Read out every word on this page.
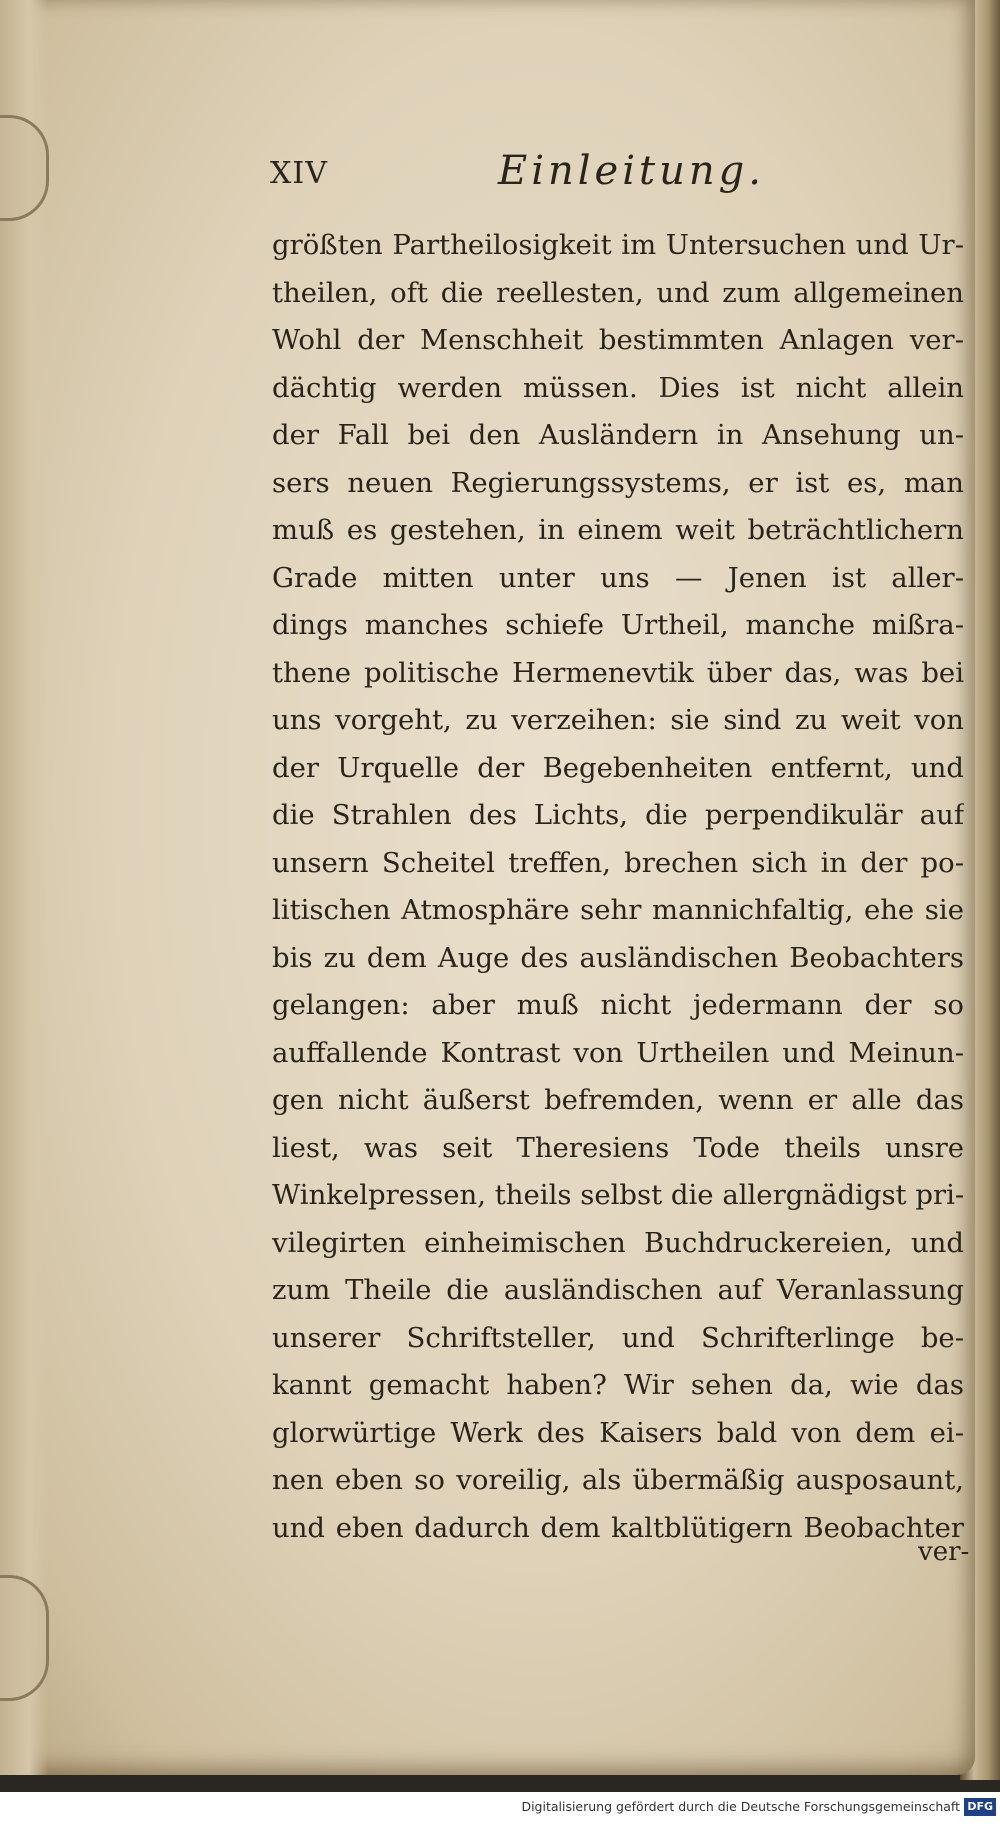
XIV	Einleitung.
größten Partheilosigkeit im Untersuchen und Ur-
theilen, oft die reellesten, und zum allgemeinen
Wohl der Menschheit bestimmten Anlagen ver-
dächtig werden müssen. Dies ist nicht allein
der Fall bei den Ausländern in Ansehung un-
sers neuen Regierungssystems, er ist es, man
muß es gestehen, in einem weit beträchtlichern
Grade mitten unter uns — Jenen ist aller-
dings manches schiefe Urtheil, manche mißra-
thene politische Hermenevtik über das, was bei
uns vorgeht, zu verzeihen: sie sind zu weit von
der Urquelle der Begebenheiten entfernt, und
die Strahlen des Lichts, die perpendikulär auf
unsern Scheitel treffen, brechen sich in der po-
litischen Atmosphäre sehr mannichfaltig, ehe sie
bis zu dem Auge des ausländischen Beobachters
gelangen: aber muß nicht jedermann der so
auffallende Kontrast von Urtheilen und Meinun-
gen nicht äußerst befremden, wenn er alle das
liest, was seit Theresiens Tode theils unsre
Winkelpressen, theils selbst die allergnädigst pri-
vilegirten einheimischen Buchdruckereien, und
zum Theile die ausländischen auf Veranlassung
unserer Schriftsteller, und Schrifterlinge be-
kannt gemacht haben? Wir sehen da, wie das
glorwürtige Werk des Kaisers bald von dem ei-
nen eben so voreilig, als übermäßig ausposaunt,
und eben dadurch dem kaltblütigern Beobachter
ver-
Digitalisierung gefördert durch die Deutsche Forschungsgemeinschaft DFG
